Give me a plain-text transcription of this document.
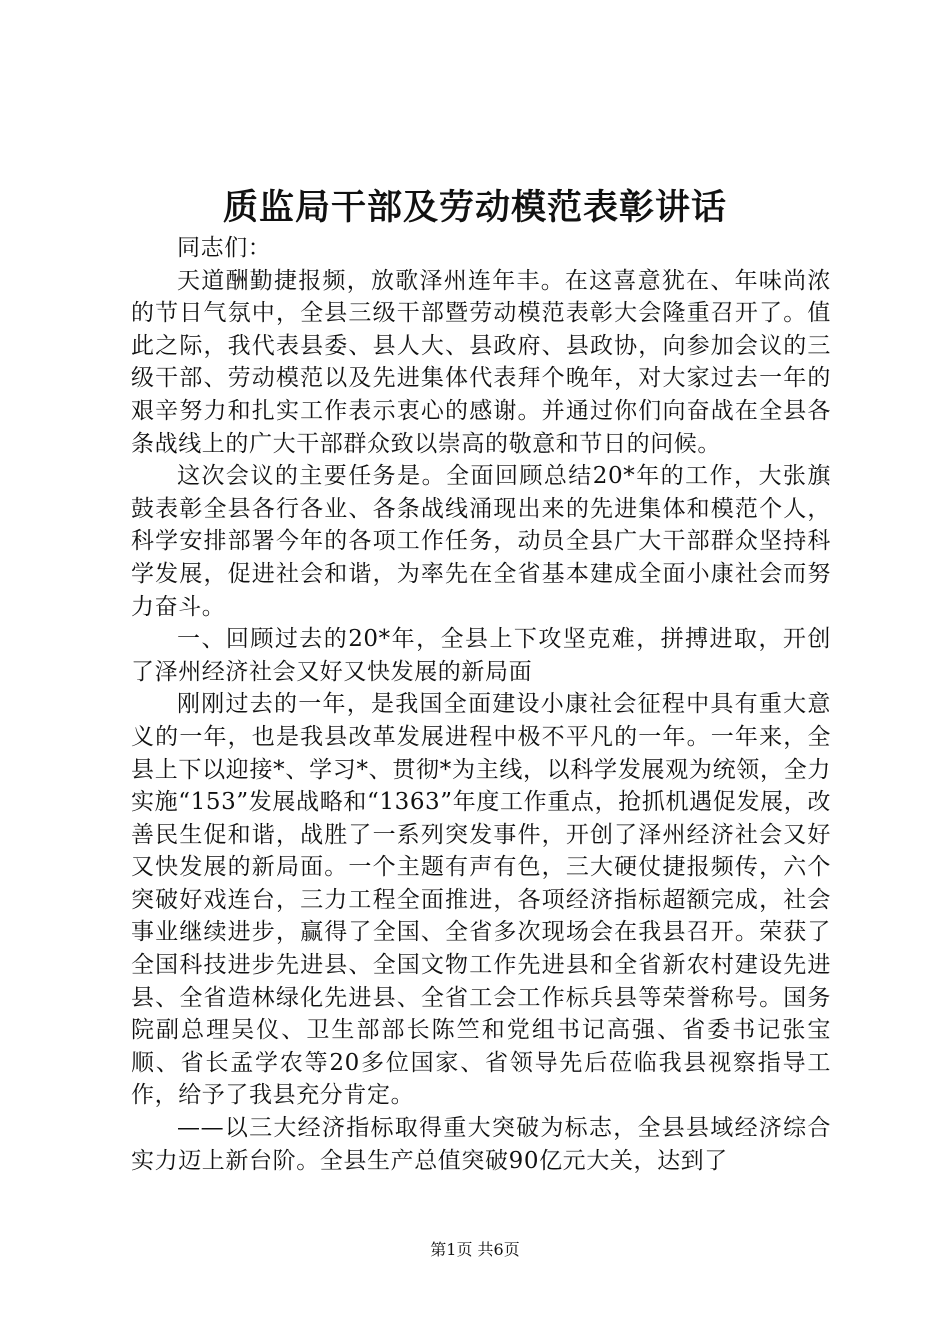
质监局干部及劳动模范表彰讲话

同志们：

天道酬勤捷报频，放歌泽州连年丰。在这喜意犹在、年味尚浓的节日气氛中，全县三级干部暨劳动模范表彰大会隆重召开了。值此之际，我代表县委、县人大、县政府、县政协，向参加会议的三级干部、劳动模范以及先进集体代表拜个晚年，对大家过去一年的艰辛努力和扎实工作表示衷心的感谢。并通过你们向奋战在全县各条战线上的广大干部群众致以崇高的敬意和节日的问候。

这次会议的主要任务是。全面回顾总结20*年的工作，大张旗鼓表彰全县各行各业、各条战线涌现出来的先进集体和模范个人，科学安排部署今年的各项工作任务，动员全县广大干部群众坚持科学发展，促进社会和谐，为率先在全省基本建成全面小康社会而努力奋斗。

一、回顾过去的20*年，全县上下攻坚克难，拼搏进取，开创了泽州经济社会又好又快发展的新局面

刚刚过去的一年，是我国全面建设小康社会征程中具有重大意义的一年，也是我县改革发展进程中极不平凡的一年。一年来，全县上下以迎接*、学习*、贯彻*为主线，以科学发展观为统领，全力实施“153”发展战略和“1363”年度工作重点，抢抓机遇促发展，改善民生促和谐，战胜了一系列突发事件，开创了泽州经济社会又好又快发展的新局面。一个主题有声有色，三大硬仗捷报频传，六个突破好戏连台，三力工程全面推进，各项经济指标超额完成，社会事业继续进步，赢得了全国、全省多次现场会在我县召开。荣获了全国科技进步先进县、全国文物工作先进县和全省新农村建设先进县、全省造林绿化先进县、全省工会工作标兵县等荣誉称号。国务院副总理吴仪、卫生部部长陈竺和党组书记高强、省委书记张宝顺、省长孟学农等20多位国家、省领导先后莅临我县视察指导工作，给予了我县充分肯定。

——以三大经济指标取得重大突破为标志，全县县域经济综合实力迈上新台阶。全县生产总值突破90亿元大关，达到了

第1页 共6页
